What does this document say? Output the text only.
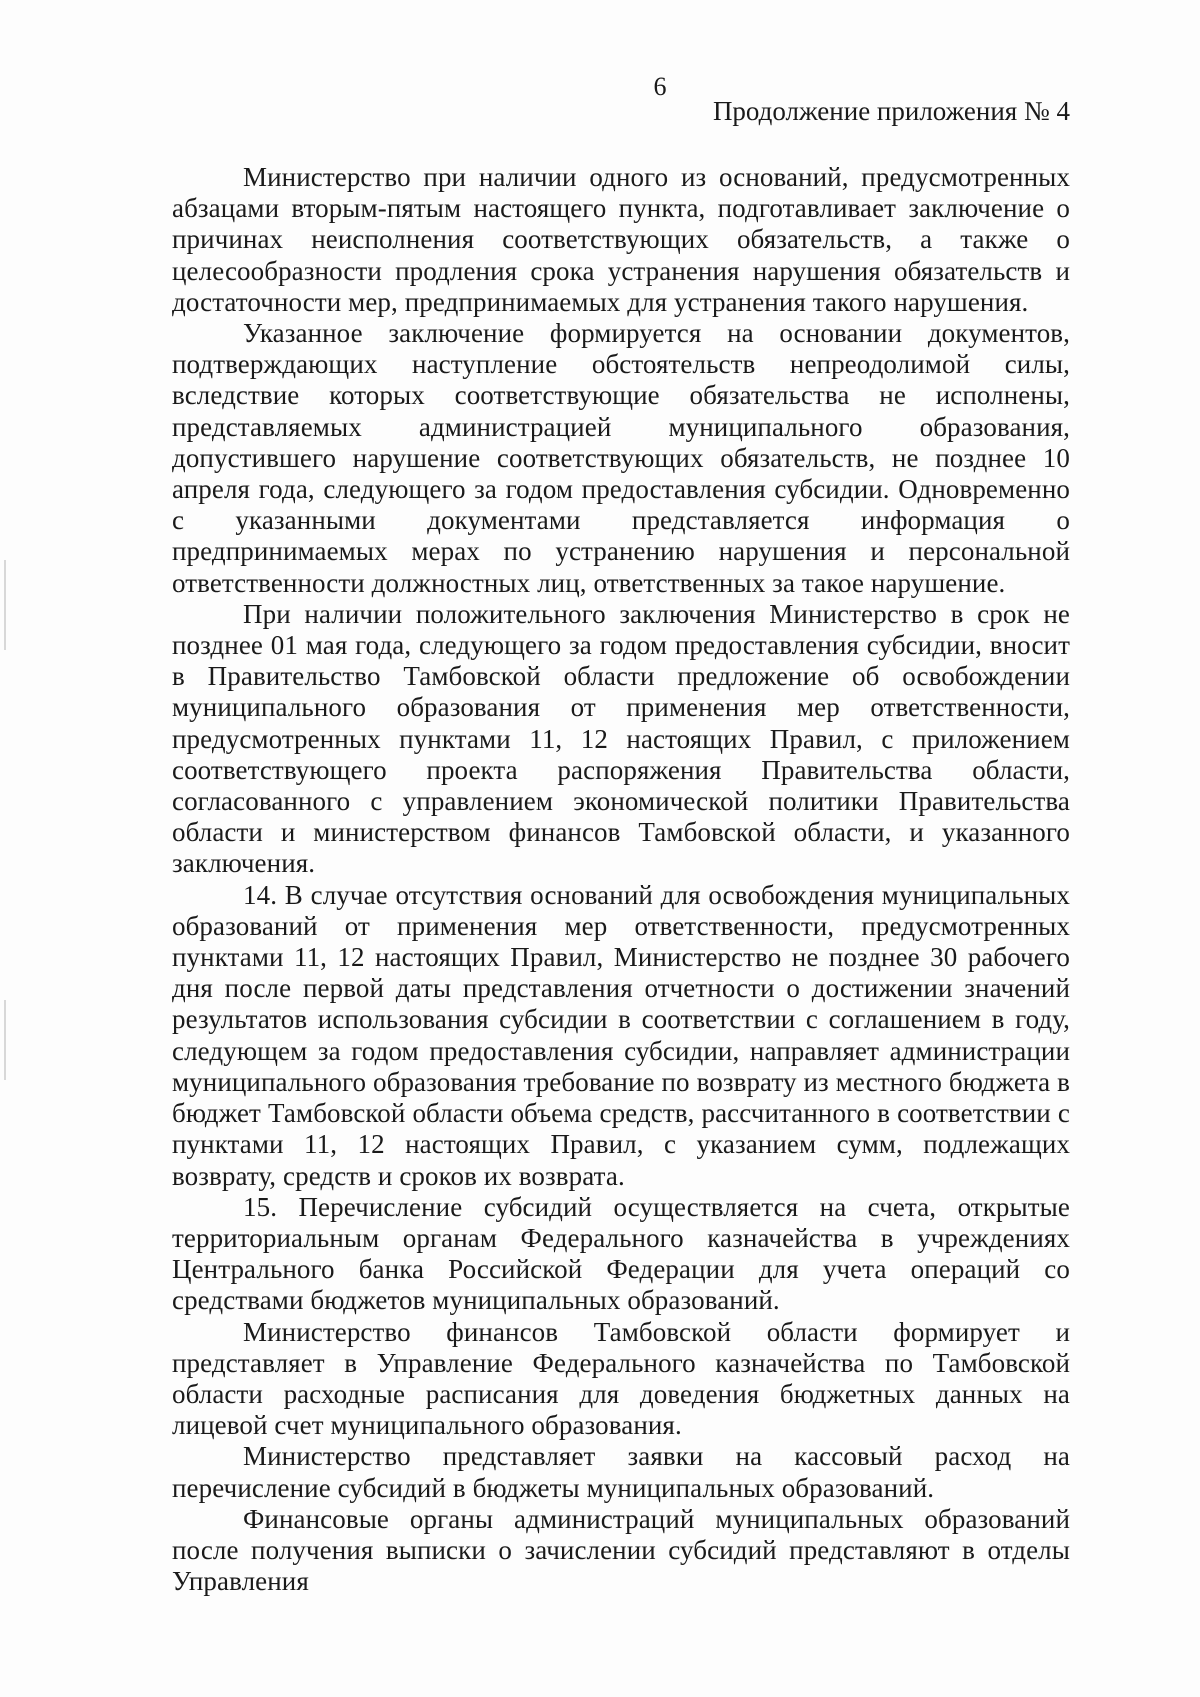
6
Продолжение приложения № 4

Министерство при наличии одного из оснований, предусмотренных абзацами вторым-пятым настоящего пункта, подготавливает заключение о причинах неисполнения соответствующих обязательств, а также о целесообразности продления срока устранения нарушения обязательств и достаточности мер, предпринимаемых для устранения такого нарушения.

Указанное заключение формируется на основании документов, подтверждающих наступление обстоятельств непреодолимой силы, вследствие которых соответствующие обязательства не исполнены, представляемых администрацией муниципального образования, допустившего нарушение соответствующих обязательств, не позднее 10 апреля года, следующего за годом предоставления субсидии. Одновременно с указанными документами представляется информация о предпринимаемых мерах по устранению нарушения и персональной ответственности должностных лиц, ответственных за такое нарушение.

При наличии положительного заключения Министерство в срок не позднее 01 мая года, следующего за годом предоставления субсидии, вносит в Правительство Тамбовской области предложение об освобождении муниципального образования от применения мер ответственности, предусмотренных пунктами 11, 12 настоящих Правил, с приложением соответствующего проекта распоряжения Правительства области, согласованного с управлением экономической политики Правительства области и министерством финансов Тамбовской области, и указанного заключения.

14. В случае отсутствия оснований для освобождения муниципальных образований от применения мер ответственности, предусмотренных пунктами 11, 12 настоящих Правил, Министерство не позднее 30 рабочего дня после первой даты представления отчетности о достижении значений результатов использования субсидии в соответствии с соглашением в году, следующем за годом предоставления субсидии, направляет администрации муниципального образования требование по возврату из местного бюджета в бюджет Тамбовской области объема средств, рассчитанного в соответствии с пунктами 11, 12 настоящих Правил, с указанием сумм, подлежащих возврату, средств и сроков их возврата.

15. Перечисление субсидий осуществляется на счета, открытые территориальным органам Федерального казначейства в учреждениях Центрального банка Российской Федерации для учета операций со средствами бюджетов муниципальных образований.

Министерство финансов Тамбовской области формирует и представляет в Управление Федерального казначейства по Тамбовской области расходные расписания для доведения бюджетных данных на лицевой счет муниципального образования.

Министерство представляет заявки на кассовый расход на перечисление субсидий в бюджеты муниципальных образований.

Финансовые органы администраций муниципальных образований после получения выписки о зачислении субсидий представляют в отделы Управления
